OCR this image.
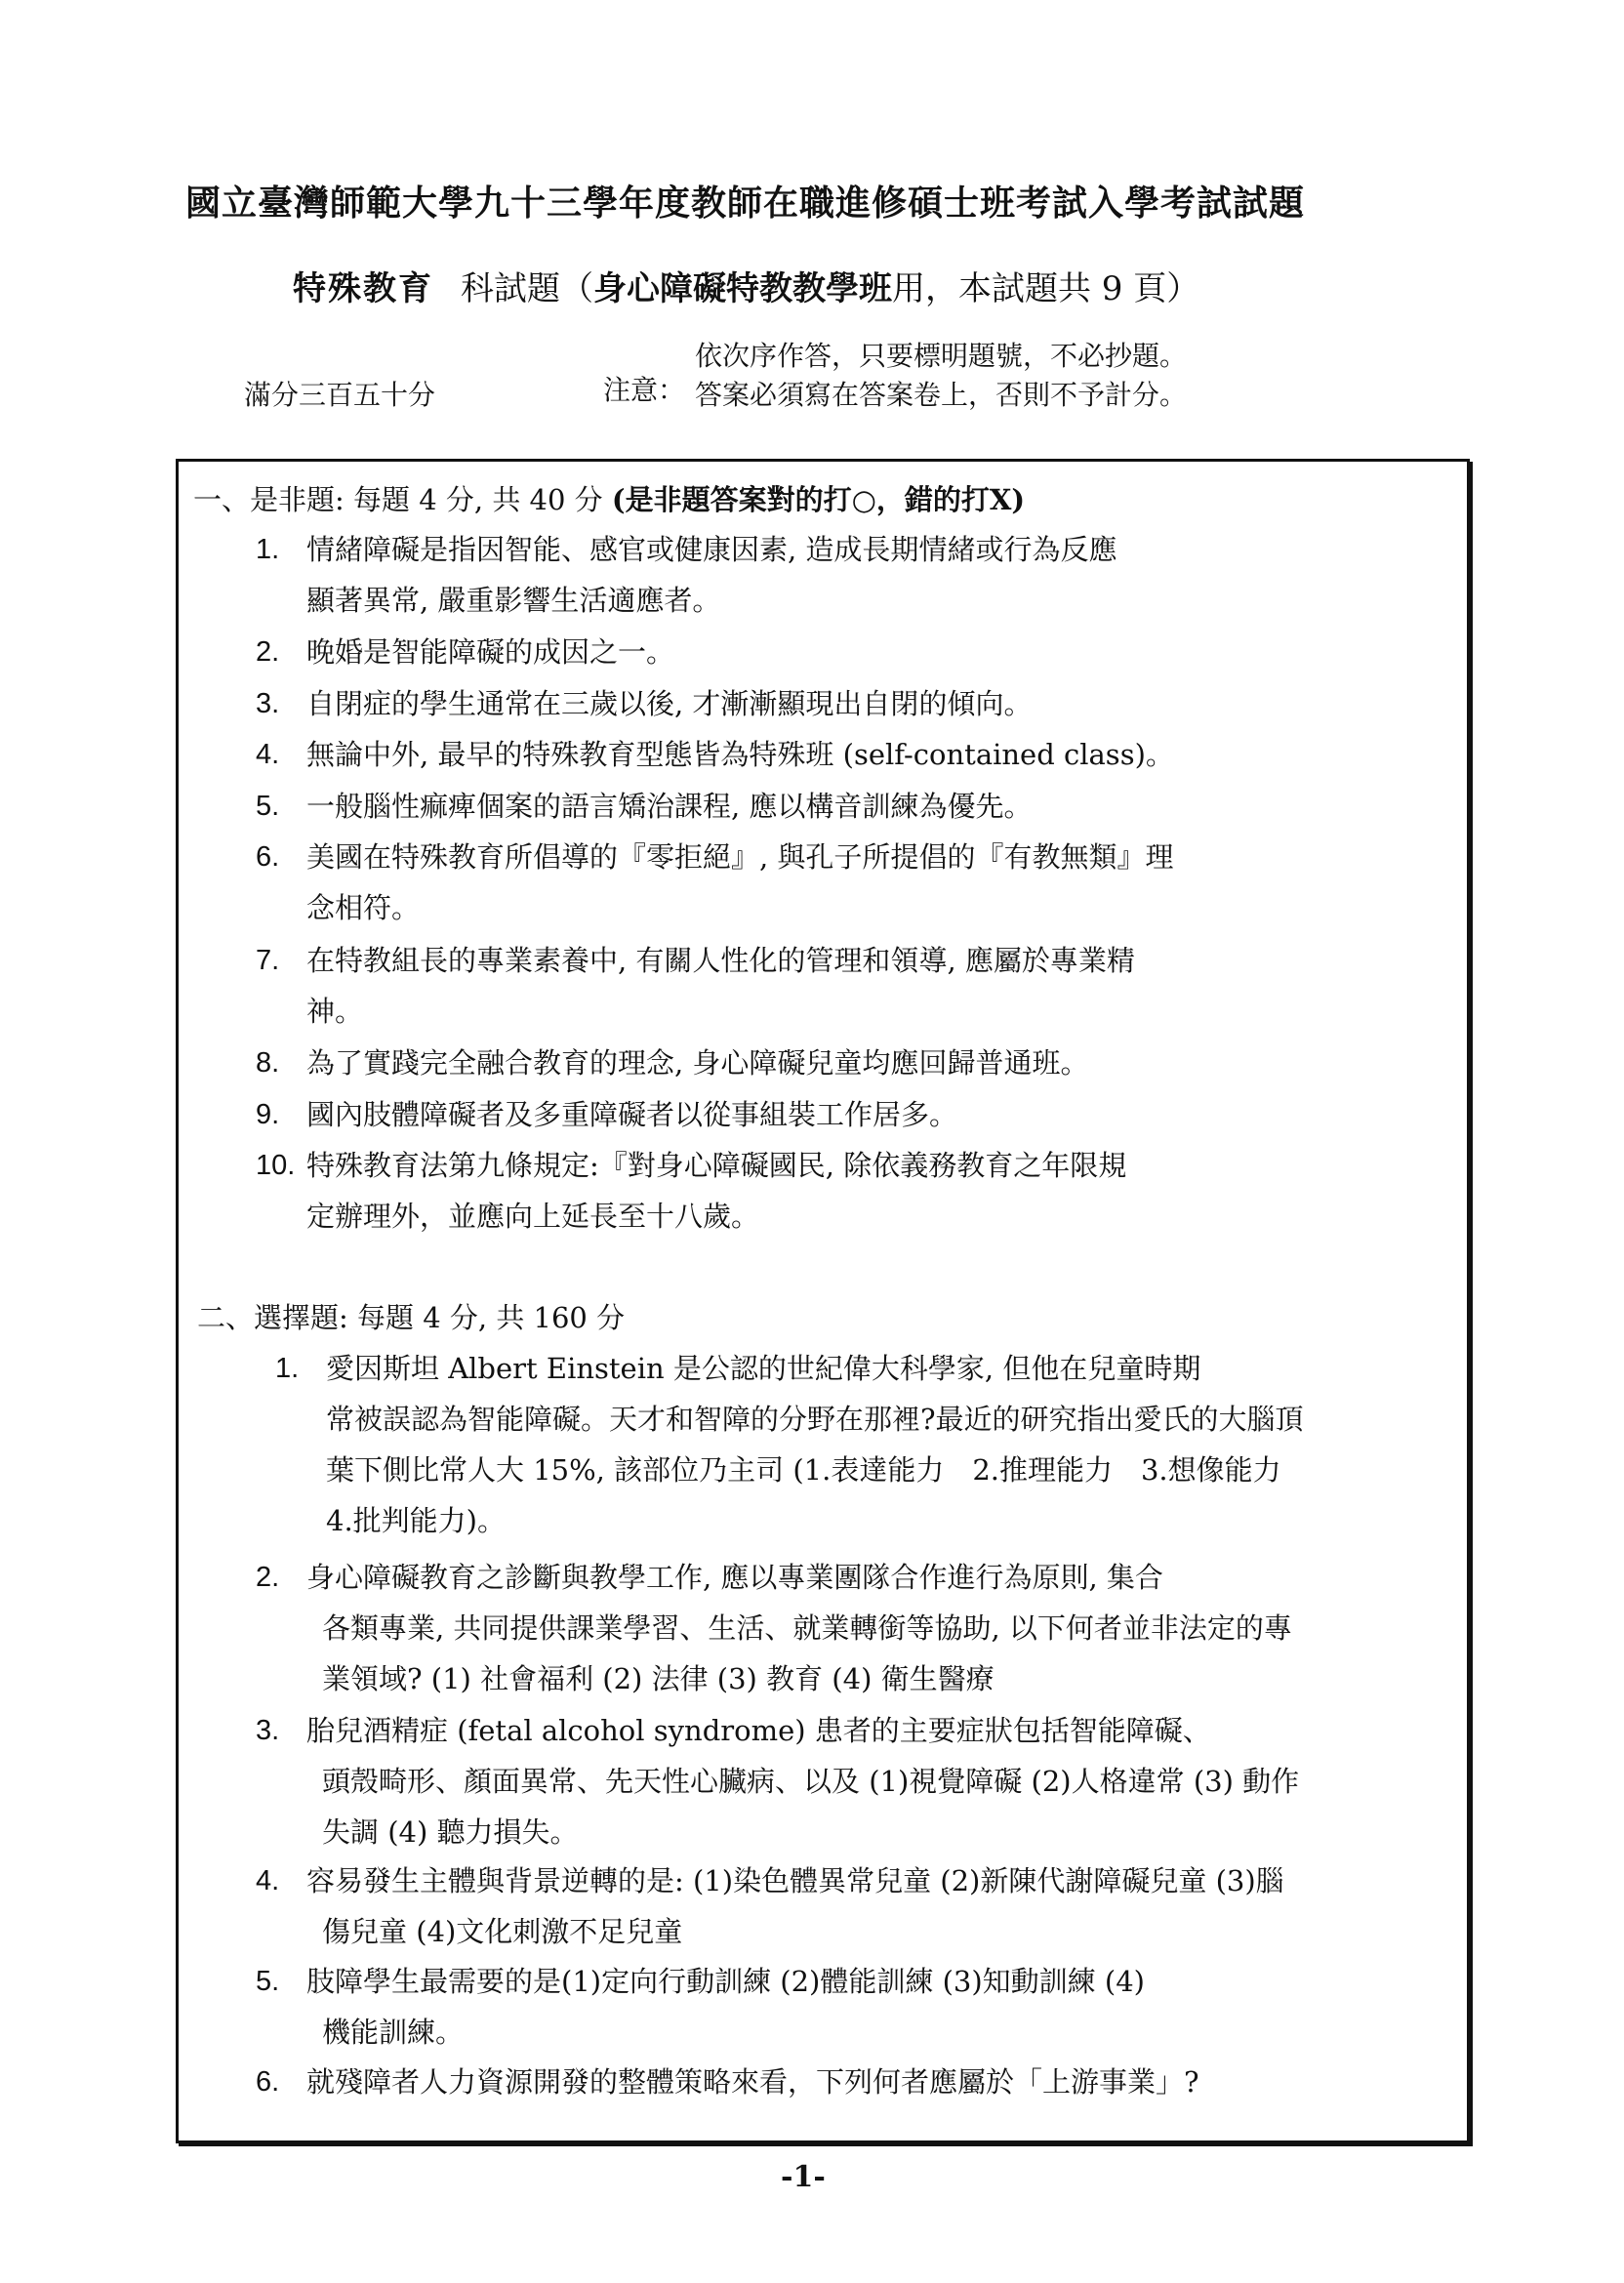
國立臺灣師範大學九十三學年度教師在職進修碩士班考試入學考試試題
特殊教育 科試題（身心障礙特教教學班用，本試題共 9 頁）
滿分三百五十分	注意：
依次序作答，只要標明題號，不必抄題。
答案必須寫在答案卷上，否則不予計分。
一、是非題: 每題 4 分, 共 40 分 (是非題答案對的打○，錯的打X)
1. 情緒障礙是指因智能、感官或健康因素, 造成長期情緒或行為反應
顯著異常, 嚴重影響生活適應者。
2. 晚婚是智能障礙的成因之一。
3. 自閉症的學生通常在三歲以後, 才漸漸顯現出自閉的傾向。
4. 無論中外, 最早的特殊教育型態皆為特殊班 (self-contained class)。
5. 一般腦性痲痺個案的語言矯治課程, 應以構音訓練為優先。
6. 美國在特殊教育所倡導的『零拒絕』, 與孔子所提倡的『有教無類』理
念相符。
7. 在特教組長的專業素養中, 有關人性化的管理和領導, 應屬於專業精
神。
8. 為了實踐完全融合教育的理念, 身心障礙兒童均應回歸普通班。
9. 國內肢體障礙者及多重障礙者以從事組裝工作居多。
10. 特殊教育法第九條規定:『對身心障礙國民, 除依義務教育之年限規
定辦理外，並應向上延長至十八歲。
二、選擇題: 每題 4 分, 共 160 分
1. 愛因斯坦 Albert Einstein 是公認的世紀偉大科學家, 但他在兒童時期
常被誤認為智能障礙。天才和智障的分野在那裡?最近的研究指出愛氏的大腦頂
葉下側比常人大 15%, 該部位乃主司 (1.表達能力　2.推理能力　3.想像能力
4.批判能力)。
2. 身心障礙教育之診斷與教學工作, 應以專業團隊合作進行為原則, 集合
各類專業, 共同提供課業學習、生活、就業轉銜等協助, 以下何者並非法定的專
業領域? (1) 社會福利 (2) 法律 (3) 教育 (4) 衛生醫療
3. 胎兒酒精症 (fetal alcohol syndrome) 患者的主要症狀包括智能障礙、
頭殼畸形、顏面異常、先天性心臟病、以及 (1)視覺障礙 (2)人格違常 (3) 動作
失調 (4) 聽力損失。
4. 容易發生主體與背景逆轉的是: (1)染色體異常兒童 (2)新陳代謝障礙兒童 (3)腦
傷兒童 (4)文化刺激不足兒童
5. 肢障學生最需要的是(1)定向行動訓練 (2)體能訓練 (3)知動訓練 (4)
機能訓練。
6. 就殘障者人力資源開發的整體策略來看，下列何者應屬於「上游事業」?
-1-
